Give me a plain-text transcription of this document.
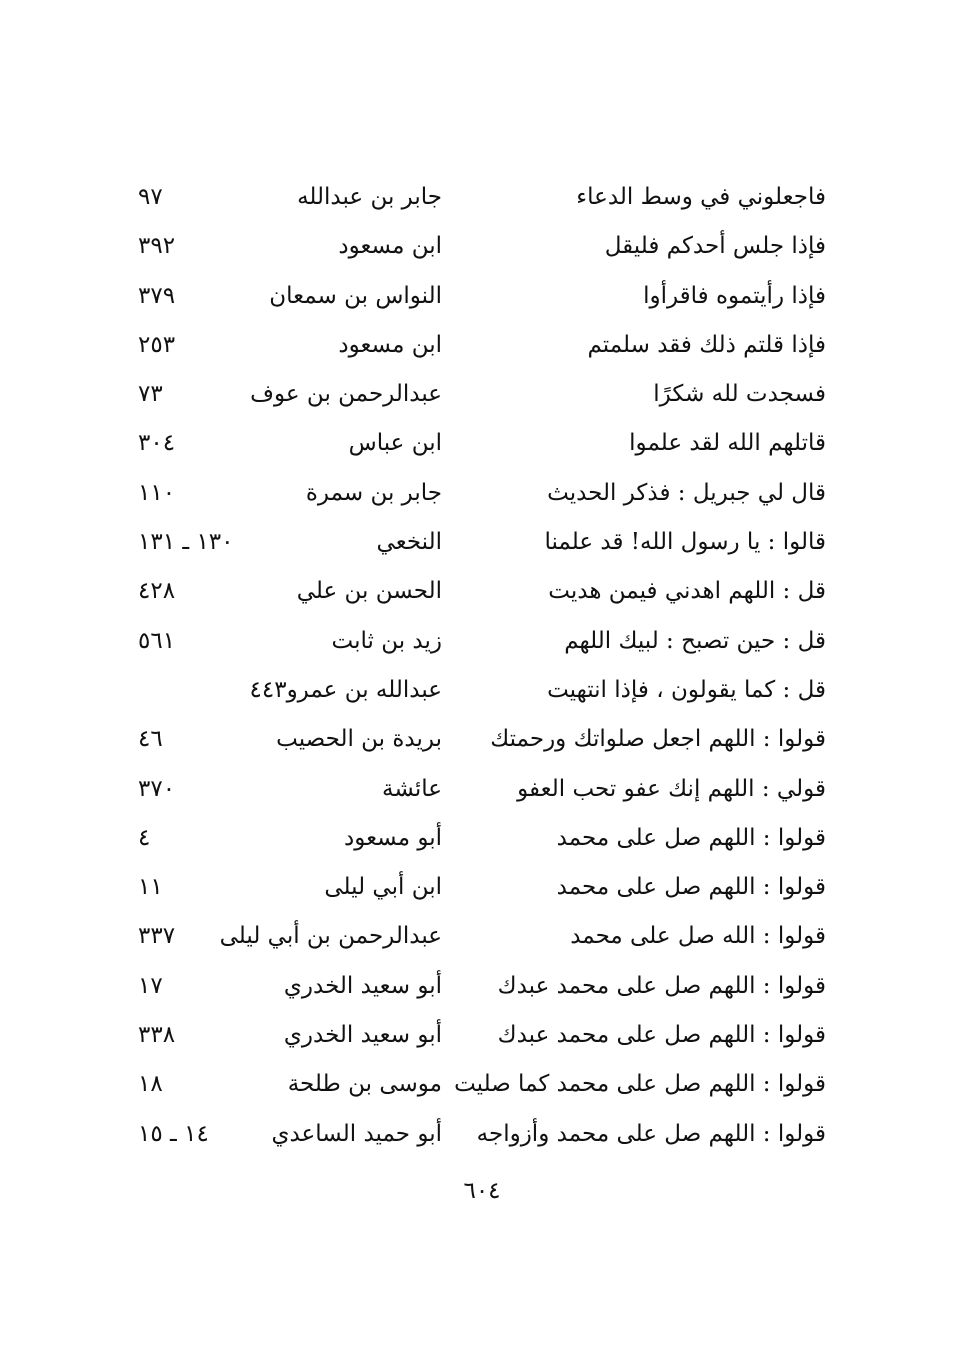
فاجعلوني في وسط الدعاء
جابر بن عبدالله
٩٧
فإذا جلس أحدكم فليقل
ابن مسعود
٣٩٢
فإذا رأيتموه فاقرأوا
النواس بن سمعان
٣٧٩
فإذا قلتم ذلك فقد سلمتم
ابن مسعود
٢٥٣
فسجدت لله شكرًا
عبدالرحمن بن عوف
٧٣
قاتلهم الله لقد علموا
ابن عباس
٣٠٤
قال لي جبريل : فذكر الحديث
جابر بن سمرة
١١٠
قالوا : يا رسول الله! قد علمنا
النخعي
١٣٠ ـ ١٣١
قل : اللهم اهدني فيمن هديت
الحسن بن علي
٤٢٨
قل : حين تصبح : لبيك اللهم
زيد بن ثابت
٥٦١
قل : كما يقولون ، فإذا انتهيت
عبدالله بن عمرو٤٤٣
قولوا : اللهم اجعل صلواتك ورحمتك
بريدة بن الحصيب
٤٦
قولي : اللهم إنك عفو تحب العفو
عائشة
٣٧٠
قولوا : اللهم صل على محمد
أبو مسعود
٤
قولوا : اللهم صل على محمد
ابن أبي ليلى
١١
قولوا : الله صل على محمد
عبدالرحمن بن أبي ليلى
٣٣٧
قولوا : اللهم صل على محمد عبدك
أبو سعيد الخدري
١٧
قولوا : اللهم صل على محمد عبدك
أبو سعيد الخدري
٣٣٨
قولوا : اللهم صل على محمد كما صليت
موسى بن طلحة
١٨
قولوا : اللهم صل على محمد وأزواجه
أبو حميد الساعدي
١٤ ـ ١٥
٦٠٤
